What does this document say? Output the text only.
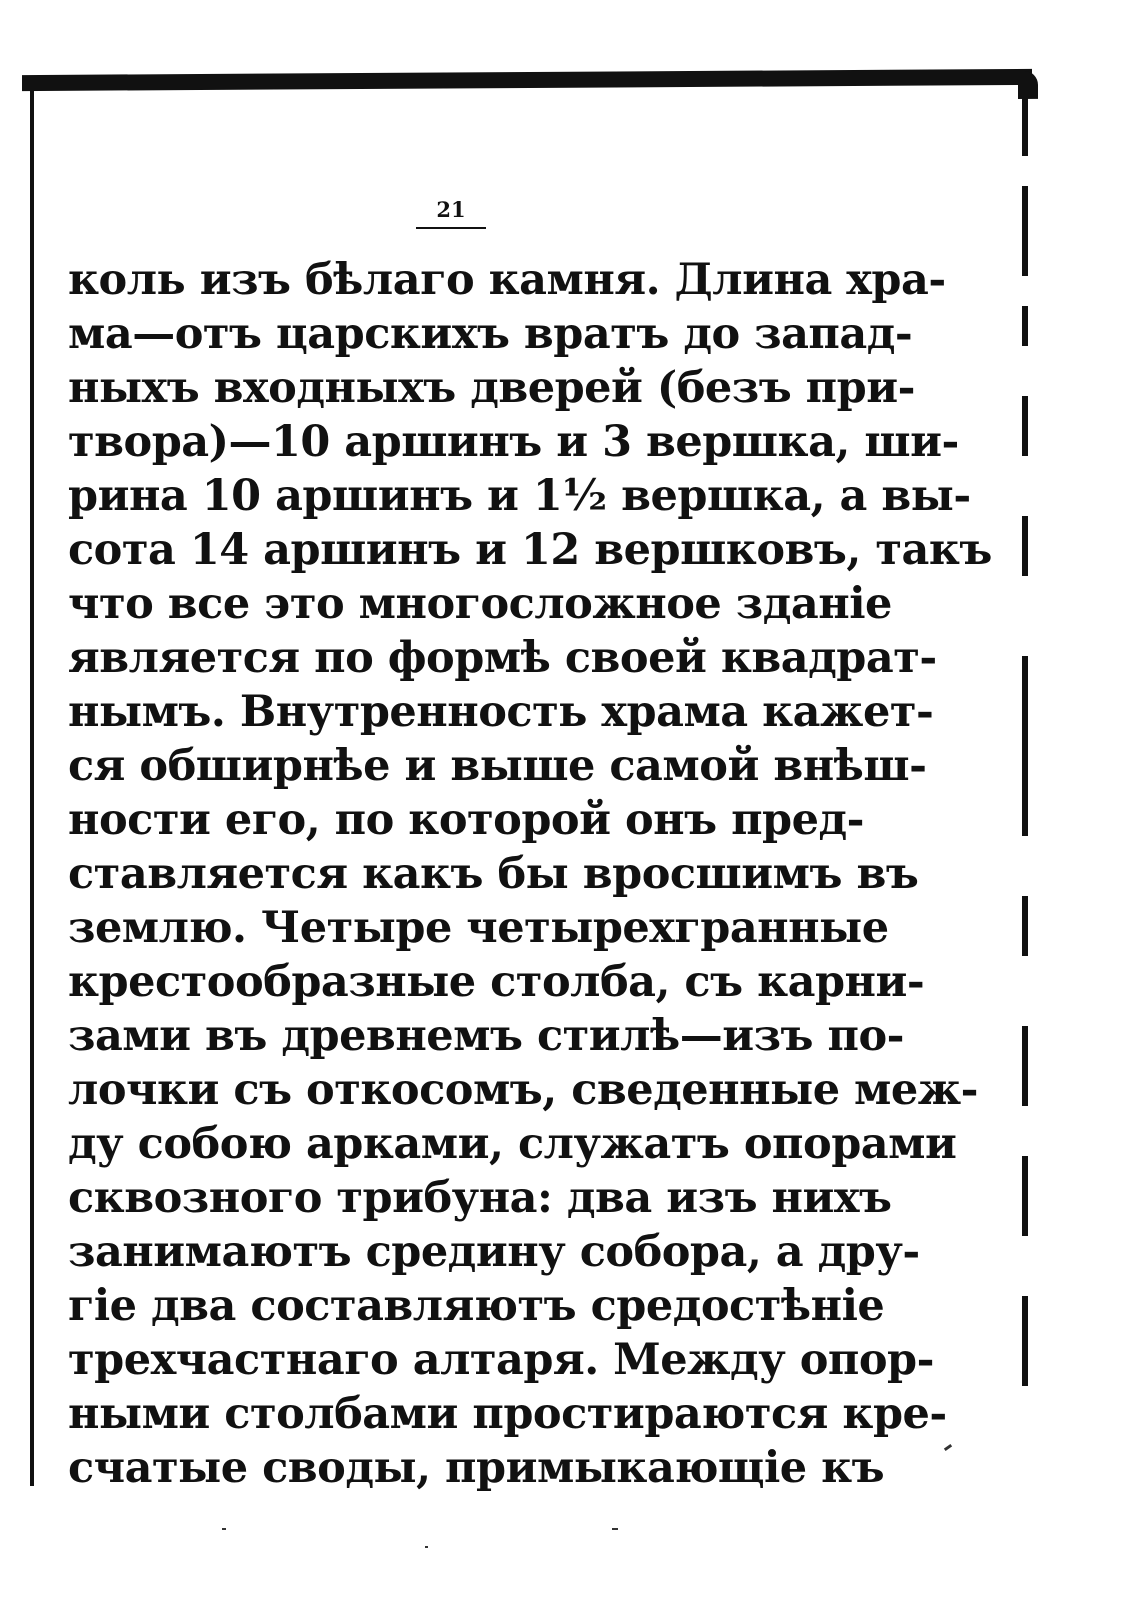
21
коль изъ бѣлаго камня. Длина хра-
ма—отъ царскихъ вратъ до запад-
ныхъ входныхъ дверей (безъ при-
твора)—10 аршинъ и 3 вершка, ши-
рина 10 аршинъ и 1½ вершка, а вы-
сота 14 аршинъ и 12 вершковъ, такъ
что все это многосложное зданіе
является по формѣ своей квадрат-
нымъ. Внутренность храма кажет-
ся обширнѣе и выше самой внѣш-
ности его, по которой онъ пред-
ставляется какъ бы вросшимъ въ
землю. Четыре четырехгранные
крестообразные столба, съ карни-
зами въ древнемъ стилѣ—изъ по-
лочки съ откосомъ, сведенные меж-
ду собою арками, служатъ опорами
сквозного трибуна: два изъ нихъ
занимаютъ средину собора, а дру-
гіе два составляютъ средостѣніе
трехчастнаго алтаря. Между опор-
ными столбами простираются кре-
счатые своды, примыкающіе къ
